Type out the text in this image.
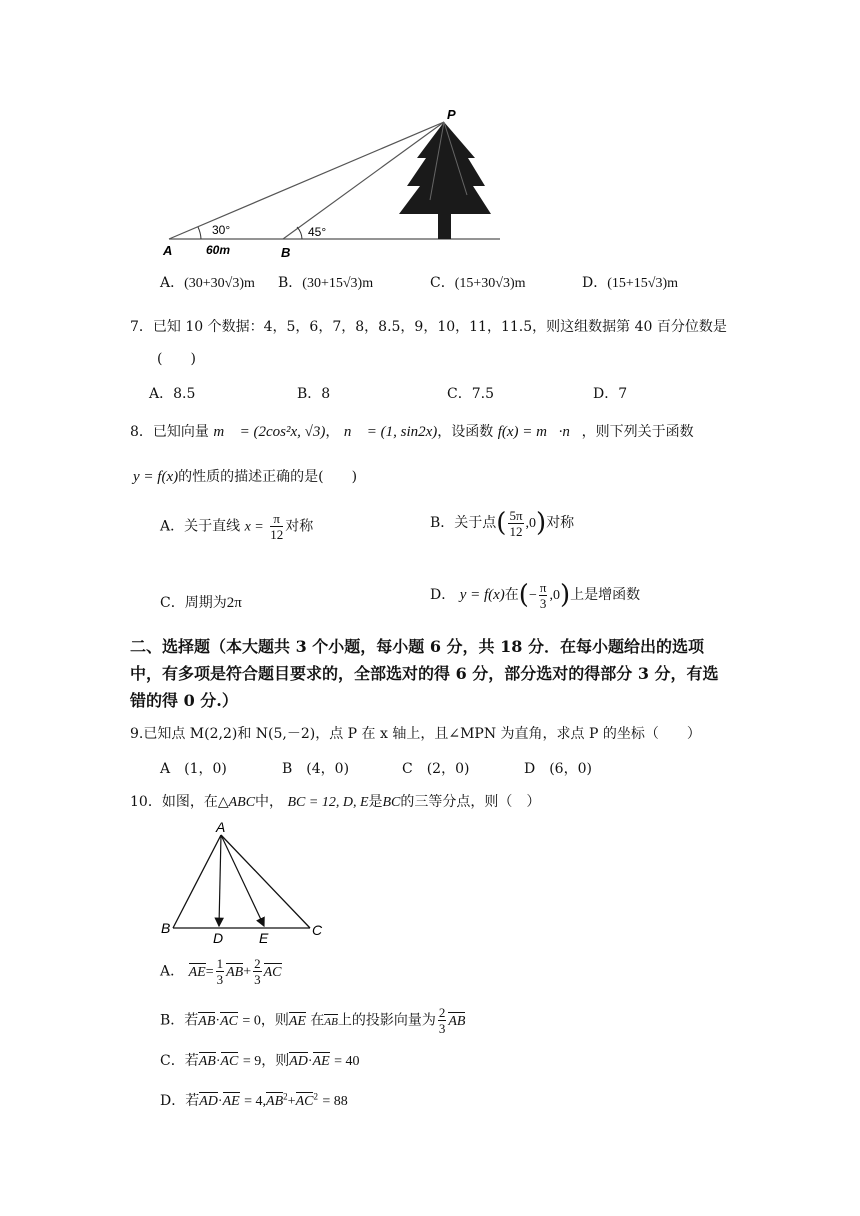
P
A	B
30°	45°
60m
A．(30+30√3)m B．(30+15√3)m	C．(15+30√3)m	D．(15+15√3)m
7．已知 10 个数据：4，5，6，7，8，8.5，9，10，11，11.5，则这组数据第 40 百分位数是
(　　)
A．8.5	B．8	C．7.5	D．7
8．已知向量 m⃗ = (2cos²x, √3)， n⃗ = (1, sin2x)，设函数 f(x) = m⃗·n⃗，则下列关于函数
y = f(x)的性质的描述正确的是(　　)
A．关于直线 $x = \frac{\pi}{12}$ 对称	B．关于点( $\frac{5\pi}{12} ,0$)对称
C．周期为2π	D． y = f(x)在(− $\frac{\pi}{3} ,0$)上是增函数
二、选择题（本大题共 3 个小题，每小题 6 分，共 18 分．在每小题给出的选项中，有多项是符合题目要求的，全部选对的得 6 分，部分选对的得部分 3 分，有选错的得 0 分.）
9.已知点 M(2,2)和 N(5,－2)，点 P 在 x 轴上，且∠MPN 为直角，求点 P 的坐标（　　）
A　(1，0)	B　(4，0)	C　(2，0)	D　(6，0)
10．如图，在△ABC中， BC = 12, D, E是BC的三等分点，则（　）
A
B	C
D	E
A． $AE= \frac{1}{3} AB+ \frac{2}{3}$ AC
B．若AB·AC = 0，则AE 在AB上的投影向量为 $\frac{2}{3}$ AB
C．若AB·AC = 9，则AD·AE = 40
D．若$AD\cdot AE = 4,AB^2+AC^2 = 88$
